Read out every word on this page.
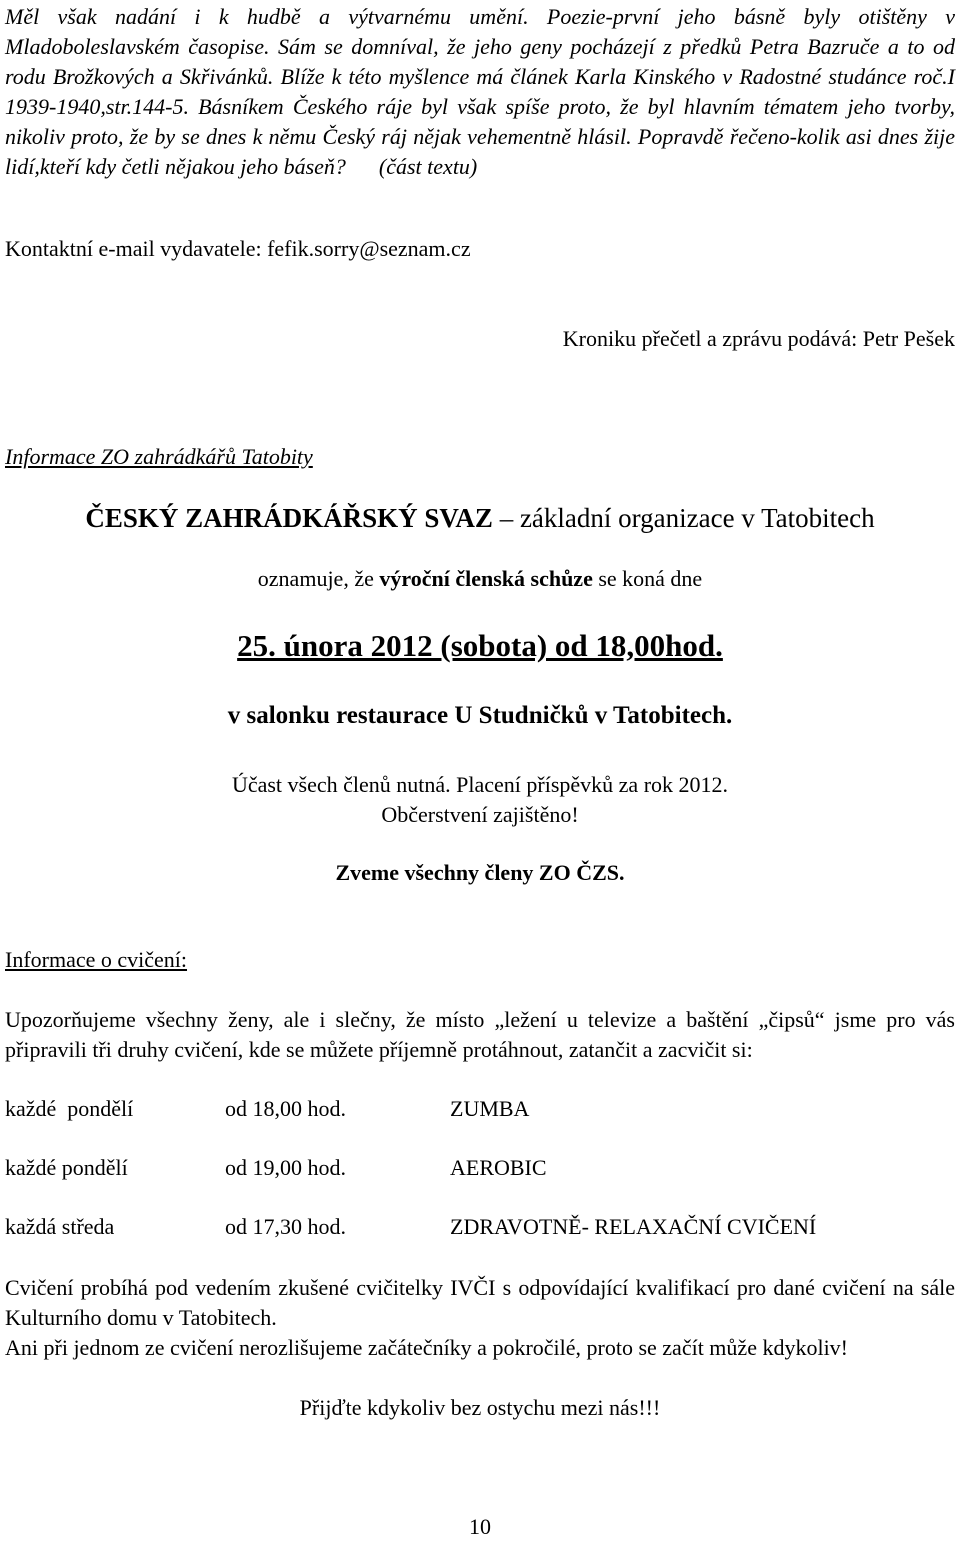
Měl však nadání i k hudbě a výtvarnému umění. Poezie-první jeho básně byly otištěny v Mladoboleslavském časopise. Sám se domníval, že jeho geny pocházejí z předků Petra Bazruče a to od rodu Brožkových a Skřivánků. Blíže k této myšlence má článek Karla Kinského v Radostné studánce roč.I 1939-1940,str.144-5. Básníkem Českého ráje byl však spíše proto, že byl hlavním tématem jeho tvorby, nikoliv proto, že by se dnes k němu Český ráj nějak vehementně hlásil. Popravdě řečeno-kolik asi dnes žije lidí,kteří kdy četli nějakou jeho báseň? (část textu)

Kontaktní e-mail vydavatele: fefik.sorry@seznam.cz

Kroniku přečetl a zprávu podává: Petr Pešek

Informace ZO zahrádkářů Tatobity

ČESKÝ ZAHRÁDKÁŘSKÝ SVAZ – základní organizace v Tatobitech

oznamuje, že výroční členská schůze se koná dne

25. února 2012 (sobota) od 18,00hod.

v salonku restaurace U Studničků v Tatobitech.

Účast všech členů nutná. Placení příspěvků za rok 2012.

Občerstvení zajištěno!

Zveme všechny členy ZO ČZS.

Informace o cvičení:

Upozorňujeme všechny ženy, ale i slečny, že místo „ležení u televize a baštění „čipsů“ jsme pro vás připravili tři druhy cvičení, kde se můžete příjemně protáhnout, zatančit a zacvičit si:

každé  pondělí	od 18,00 hod.	ZUMBA
každé pondělí	od 19,00 hod.	AEROBIC
každá středa	od 17,30 hod.	ZDRAVOTNĚ- RELAXAČNÍ CVIČENÍ

Cvičení probíhá pod vedením zkušené cvičitelky IVČI s odpovídající kvalifikací pro dané cvičení na sále Kulturního domu v Tatobitech.

Ani při jednom ze cvičení nerozlišujeme začátečníky a pokročilé, proto se začít může kdykoliv!

Přijďte kdykoliv bez ostychu mezi nás!!!

10
